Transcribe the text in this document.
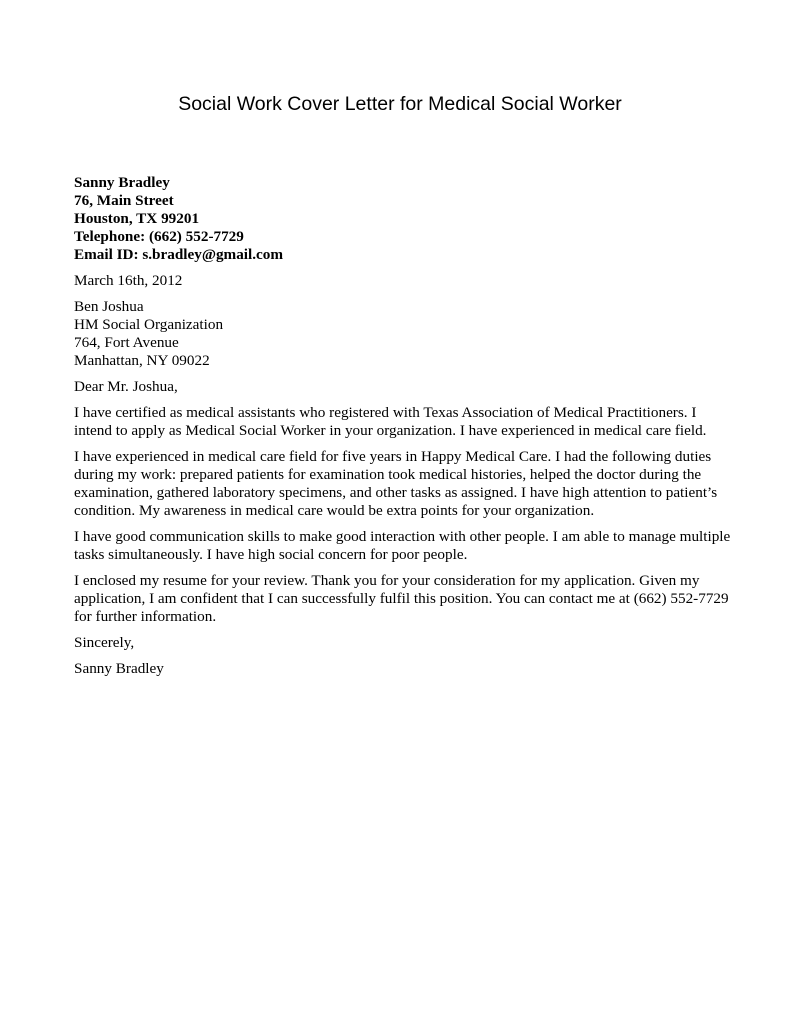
Social Work Cover Letter for Medical Social Worker
Sanny Bradley
76, Main Street
Houston, TX 99201
Telephone: (662) 552-7729
Email ID: s.bradley@gmail.com
March 16th, 2012
Ben Joshua
HM Social Organization
764, Fort Avenue
Manhattan, NY 09022
Dear Mr. Joshua,

I have certified as medical assistants who registered with Texas Association of Medical Practitioners. I intend to apply as Medical Social Worker in your organization. I have experienced in medical care field.

I have experienced in medical care field for five years in Happy Medical Care. I had the following duties during my work: prepared patients for examination took medical histories, helped the doctor during the examination, gathered laboratory specimens, and other tasks as assigned. I have high attention to patient’s condition. My awareness in medical care would be extra points for your organization.

I have good communication skills to make good interaction with other people. I am able to manage multiple tasks simultaneously. I have high social concern for poor people.

I enclosed my resume for your review. Thank you for your consideration for my application. Given my application, I am confident that I can successfully fulfil this position. You can contact me at (662) 552-7729 for further information.

Sincerely,
Sanny Bradley
